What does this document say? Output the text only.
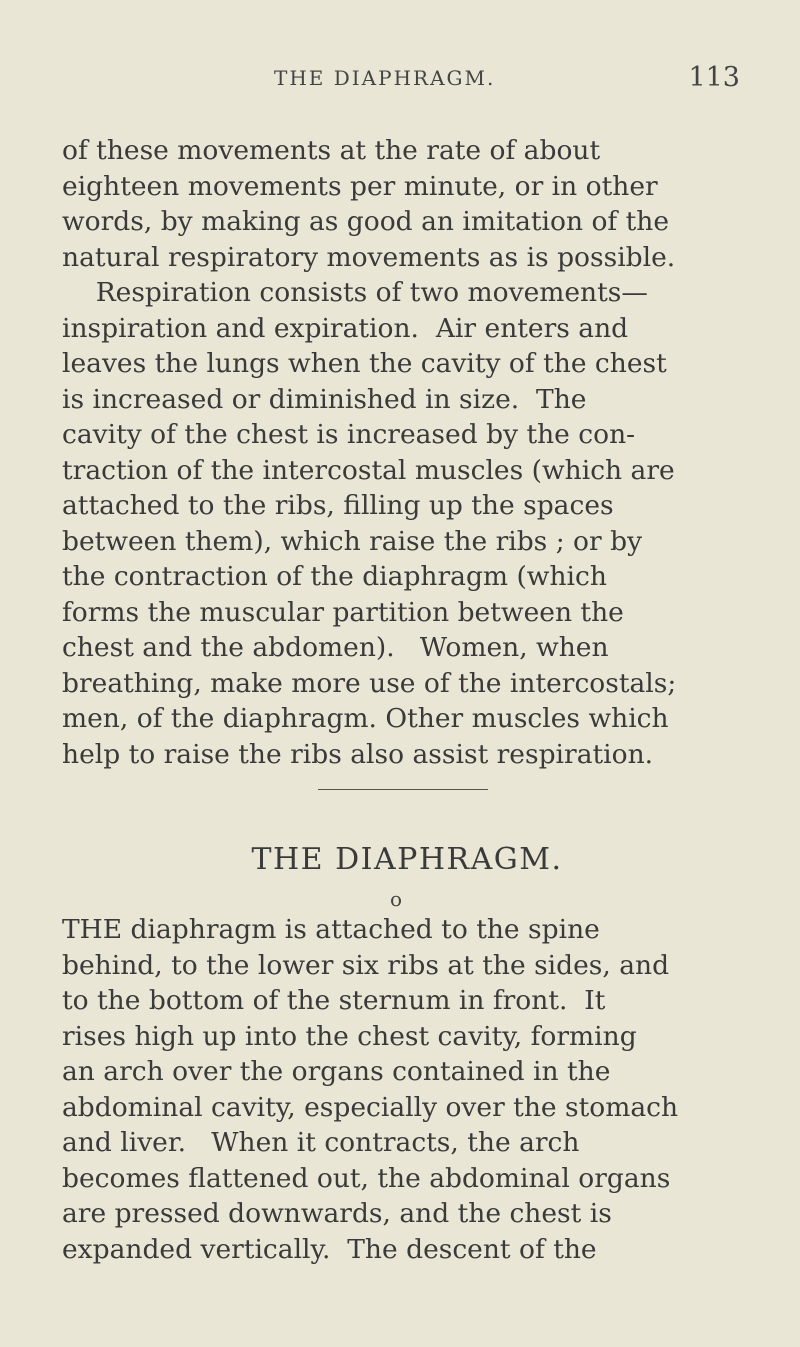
THE DIAPHRAGM.	113

of these movements at the rate of about
eighteen movements per minute, or in other
words, by making as good an imitation of the
natural respiratory movements as is possible.
Respiration consists of two movements—
inspiration and expiration.  Air enters and
leaves the lungs when the cavity of the chest
is increased or diminished in size.  The
cavity of the chest is increased by the con-
traction of the intercostal muscles (which are
attached to the ribs, filling up the spaces
between them), which raise the ribs ; or by
the contraction of the diaphragm (which
forms the muscular partition between the
chest and the abdomen).   Women, when
breathing, make more use of the intercostals;
men, of the diaphragm. Other muscles which
help to raise the ribs also assist respiration.

THE DIAPHRAGM.
o

THE diaphragm is attached to the spine
behind, to the lower six ribs at the sides, and
to the bottom of the sternum in front.  It
rises high up into the chest cavity, forming
an arch over the organs contained in the
abdominal cavity, especially over the stomach
and liver.   When it contracts, the arch
becomes flattened out, the abdominal organs
are pressed downwards, and the chest is
expanded vertically.  The descent of the
